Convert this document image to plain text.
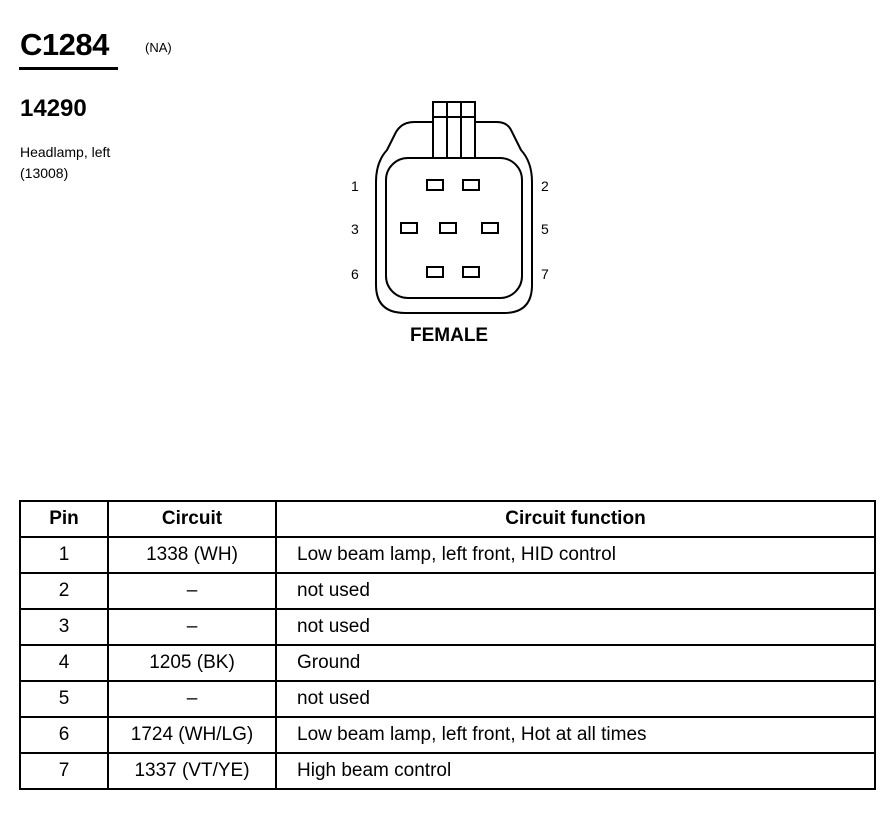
C1284	(NA)
14290
Headlamp, left
(13008)
1	2
3	5
6	7
FEMALE
Pin	Circuit	Circuit function
1	1338 (WH)	Low beam lamp, left front, HID control
2	–	not used
3	–	not used
4	1205 (BK)	Ground
5	–	not used
6	1724 (WH/LG)	Low beam lamp, left front, Hot at all times
7	1337 (VT/YE)	High beam control
